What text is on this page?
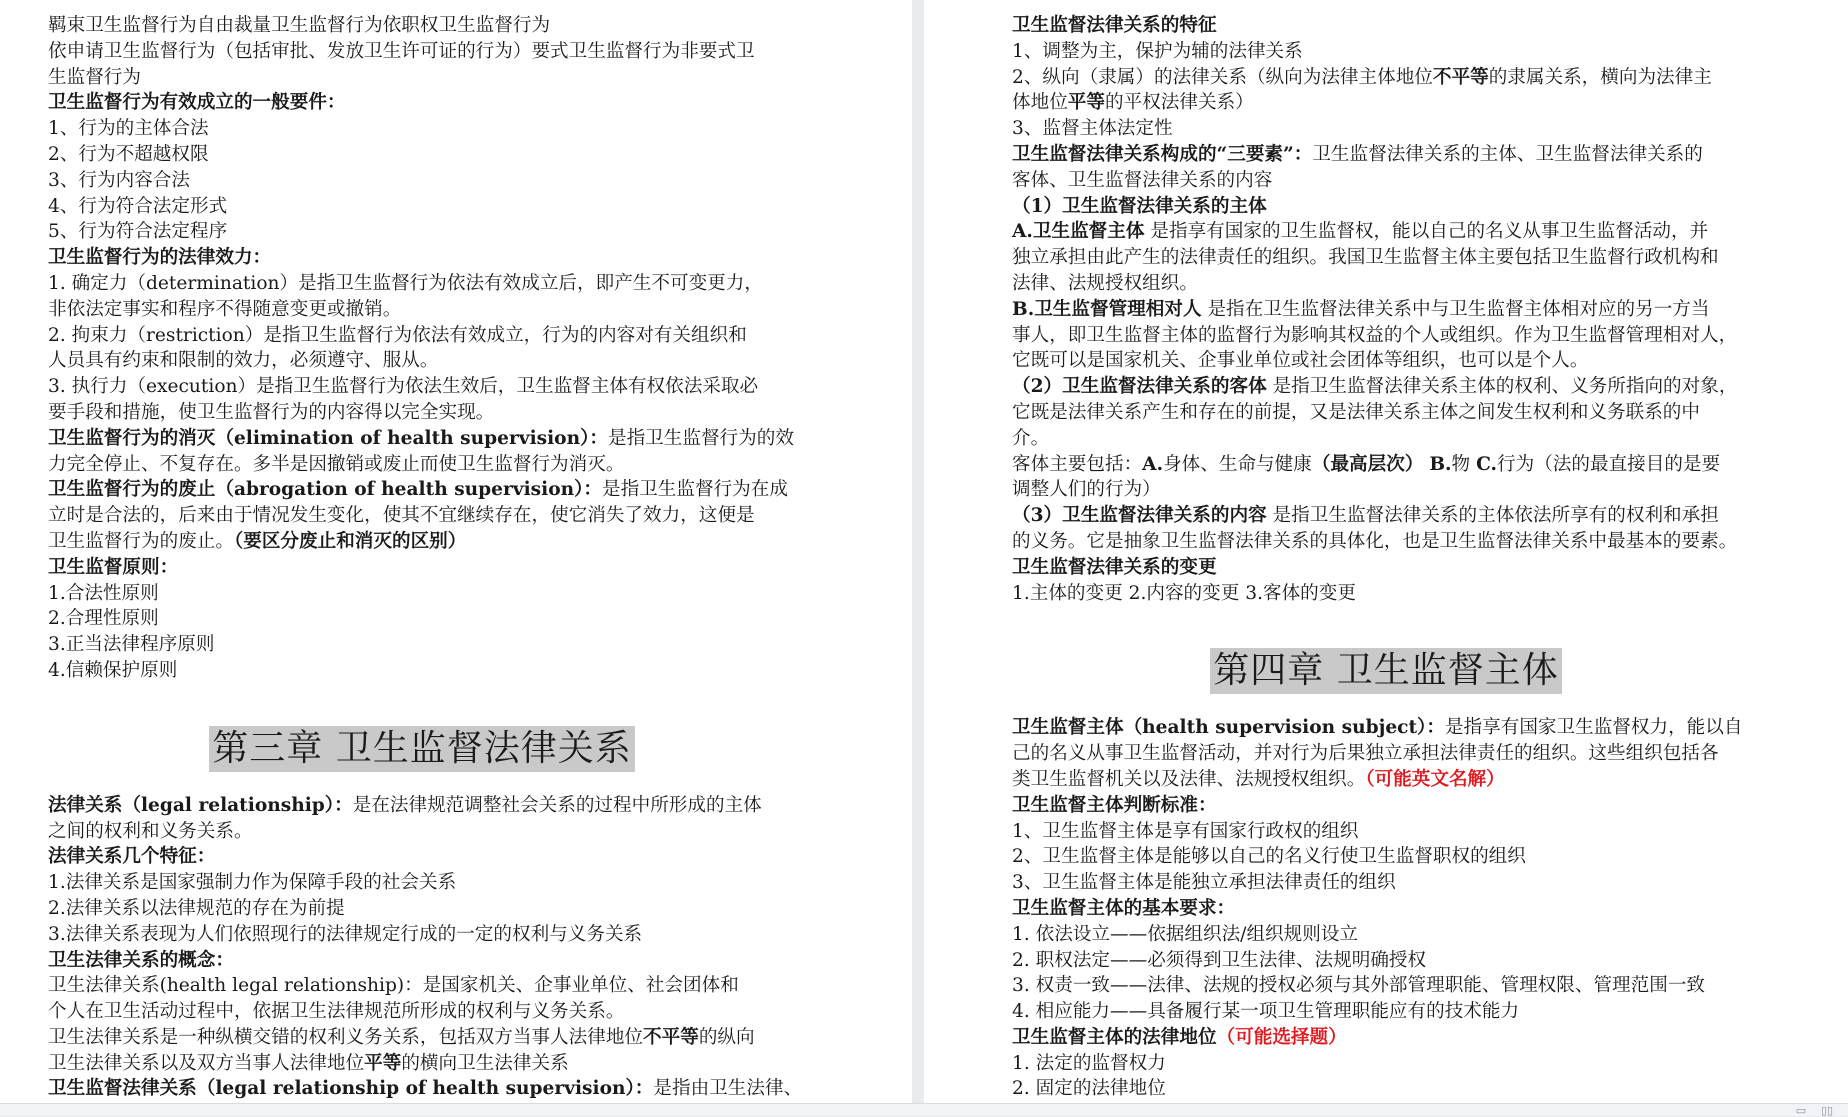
羁束卫生监督行为自由裁量卫生监督行为依职权卫生监督行为

依申请卫生监督行为（包括审批、发放卫生许可证的行为）要式卫生监督行为非要式卫

生监督行为

卫生监督行为有效成立的一般要件：

1、行为的主体合法

2、行为不超越权限

3、行为内容合法

4、行为符合法定形式

5、行为符合法定程序

卫生监督行为的法律效力：

1. 确定力（determination）是指卫生监督行为依法有效成立后，即产生不可变更力，

非依法定事实和程序不得随意变更或撤销。

2. 拘束力（restriction）是指卫生监督行为依法有效成立，行为的内容对有关组织和

人员具有约束和限制的效力，必须遵守、服从。

3. 执行力（execution）是指卫生监督行为依法生效后，卫生监督主体有权依法采取必

要手段和措施，使卫生监督行为的内容得以完全实现。

卫生监督行为的消灭（elimination of health supervision）：是指卫生监督行为的效

力完全停止、不复存在。多半是因撤销或废止而使卫生监督行为消灭。

卫生监督行为的废止（abrogation of health supervision）：是指卫生监督行为在成

立时是合法的，后来由于情况发生变化，使其不宜继续存在，使它消失了效力，这便是

卫生监督行为的废止。（要区分废止和消灭的区别）

卫生监督原则：

1.合法性原则

2.合理性原则

3.正当法律程序原则

4.信赖保护原则

第三章 卫生监督法律关系

法律关系（legal relationship）：是在法律规范调整社会关系的过程中所形成的主体

之间的权利和义务关系。

法律关系几个特征：

1.法律关系是国家强制力作为保障手段的社会关系

2.法律关系以法律规范的存在为前提

3.法律关系表现为人们依照现行的法律规定行成的一定的权利与义务关系

卫生法律关系的概念：

卫生法律关系(health legal relationship)：是国家机关、企事业单位、社会团体和

个人在卫生活动过程中，依据卫生法律规范所形成的权利与义务关系。

卫生法律关系是一种纵横交错的权利义务关系，包括双方当事人法律地位不平等的纵向

卫生法律关系以及双方当事人法律地位平等的横向卫生法律关系

卫生监督法律关系（legal relationship of health supervision）：是指由卫生法律、

卫生监督法律关系的特征

1、调整为主，保护为辅的法律关系

2、纵向（隶属）的法律关系（纵向为法律主体地位不平等的隶属关系，横向为法律主

体地位平等的平权法律关系）

3、监督主体法定性

卫生监督法律关系构成的“三要素”：卫生监督法律关系的主体、卫生监督法律关系的

客体、卫生监督法律关系的内容

（1）卫生监督法律关系的主体

A.卫生监督主体 是指享有国家的卫生监督权，能以自己的名义从事卫生监督活动，并

独立承担由此产生的法律责任的组织。我国卫生监督主体主要包括卫生监督行政机构和

法律、法规授权组织。

B.卫生监督管理相对人 是指在卫生监督法律关系中与卫生监督主体相对应的另一方当

事人，即卫生监督主体的监督行为影响其权益的个人或组织。作为卫生监督管理相对人，

它既可以是国家机关、企事业单位或社会团体等组织，也可以是个人。

（2）卫生监督法律关系的客体 是指卫生监督法律关系主体的权利、义务所指向的对象，

它既是法律关系产生和存在的前提，又是法律关系主体之间发生权利和义务联系的中

介。

客体主要包括：A.身体、生命与健康（最高层次） B.物 C.行为（法的最直接目的是要

调整人们的行为）

（3）卫生监督法律关系的内容 是指卫生监督法律关系的主体依法所享有的权利和承担

的义务。它是抽象卫生监督法律关系的具体化，也是卫生监督法律关系中最基本的要素。

卫生监督法律关系的变更

1.主体的变更 2.内容的变更 3.客体的变更

第四章 卫生监督主体

卫生监督主体（health supervision subject）：是指享有国家卫生监督权力，能以自

己的名义从事卫生监督活动，并对行为后果独立承担法律责任的组织。这些组织包括各

类卫生监督机关以及法律、法规授权组织。（可能英文名解）

卫生监督主体判断标准：

1、卫生监督主体是享有国家行政权的组织

2、卫生监督主体是能够以自己的名义行使卫生监督职权的组织

3、卫生监督主体是能独立承担法律责任的组织

卫生监督主体的基本要求：

1. 依法设立——依据组织法/组织规则设立

2. 职权法定——必须得到卫生法律、法规明确授权

3. 权责一致——法律、法规的授权必须与其外部管理职能、管理权限、管理范围一致

4. 相应能力——具备履行某一项卫生管理职能应有的技术能力

卫生监督主体的法律地位（可能选择题）

1. 法定的监督权力

2. 固定的法律地位

▭ ▯▯
